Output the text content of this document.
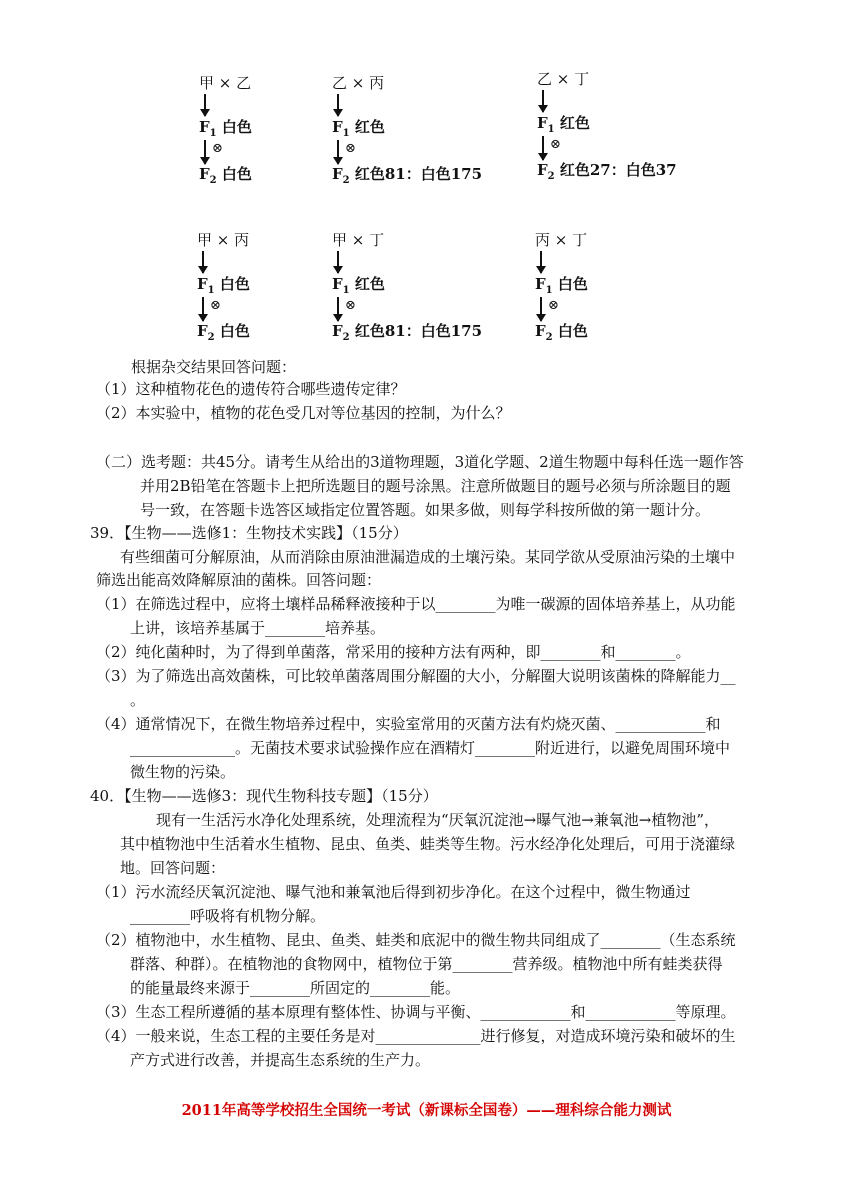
甲 × 乙
$F_1$ 白色
⊗
$F_2$ 白色
乙 × 丙
$F_1$ 红色
⊗
$F_2$ 红色81：白色175
乙 × 丁
$F_1$ 红色
⊗
$F_2$ 红色27：白色37
甲 × 丙
$F_1$ 白色
⊗
$F_2$ 白色
甲 × 丁
$F_1$ 红色
⊗
$F_2$ 红色81：白色175
丙 × 丁
$F_1$ 白色
⊗
$F_2$ 白色
根据杂交结果回答问题：
（1）这种植物花色的遗传符合哪些遗传定律？
（2）本实验中，植物的花色受几对等位基因的控制，为什么？
（二）选考题：共45分。请考生从给出的3道物理题，3道化学题、2道生物题中每科任选一题作答
并用2B铅笔在答题卡上把所选题目的题号涂黑。注意所做题目的题号必须与所涂题目的题
号一致，在答题卡选答区域指定位置答题。如果多做，则每学科按所做的第一题计分。
39．【生物——选修1：生物技术实践】（15分）
有些细菌可分解原油，从而消除由原油泄漏造成的土壤污染。某同学欲从受原油污染的土壤中
筛选出能高效降解原油的菌株。回答问题：
（1）在筛选过程中，应将土壤样品稀释液接种于以________为唯一碳源的固体培养基上，从功能
上讲，该培养基属于________培养基。
（2）纯化菌种时，为了得到单菌落，常采用的接种方法有两种，即________和________。
（3）为了筛选出高效菌株，可比较单菌落周围分解圈的大小，分解圈大说明该菌株的降解能力__
。
（4）通常情况下，在微生物培养过程中，实验室常用的灭菌方法有灼烧灭菌、____________和
______________。无菌技术要求试验操作应在酒精灯________附近进行，以避免周围环境中
微生物的污染。
40．【生物——选修3：现代生物科技专题】（15分）
现有一生活污水净化处理系统，处理流程为“厌氧沉淀池→曝气池→兼氧池→植物池”，
其中植物池中生活着水生植物、昆虫、鱼类、蛙类等生物。污水经净化处理后，可用于浇灌绿
地。回答问题：
（1）污水流经厌氧沉淀池、曝气池和兼氧池后得到初步净化。在这个过程中，微生物通过
________呼吸将有机物分解。
（2）植物池中，水生植物、昆虫、鱼类、蛙类和底泥中的微生物共同组成了________（生态系统
群落、种群）。在植物池的食物网中，植物位于第________营养级。植物池中所有蛙类获得
的能量最终来源于________所固定的________能。
（3）生态工程所遵循的基本原理有整体性、协调与平衡、____________和____________等原理。
（4）一般来说，生态工程的主要任务是对______________进行修复，对造成环境污染和破坏的生
产方式进行改善，并提高生态系统的生产力。
2011年高等学校招生全国统一考试（新课标全国卷）——理科综合能力测试
